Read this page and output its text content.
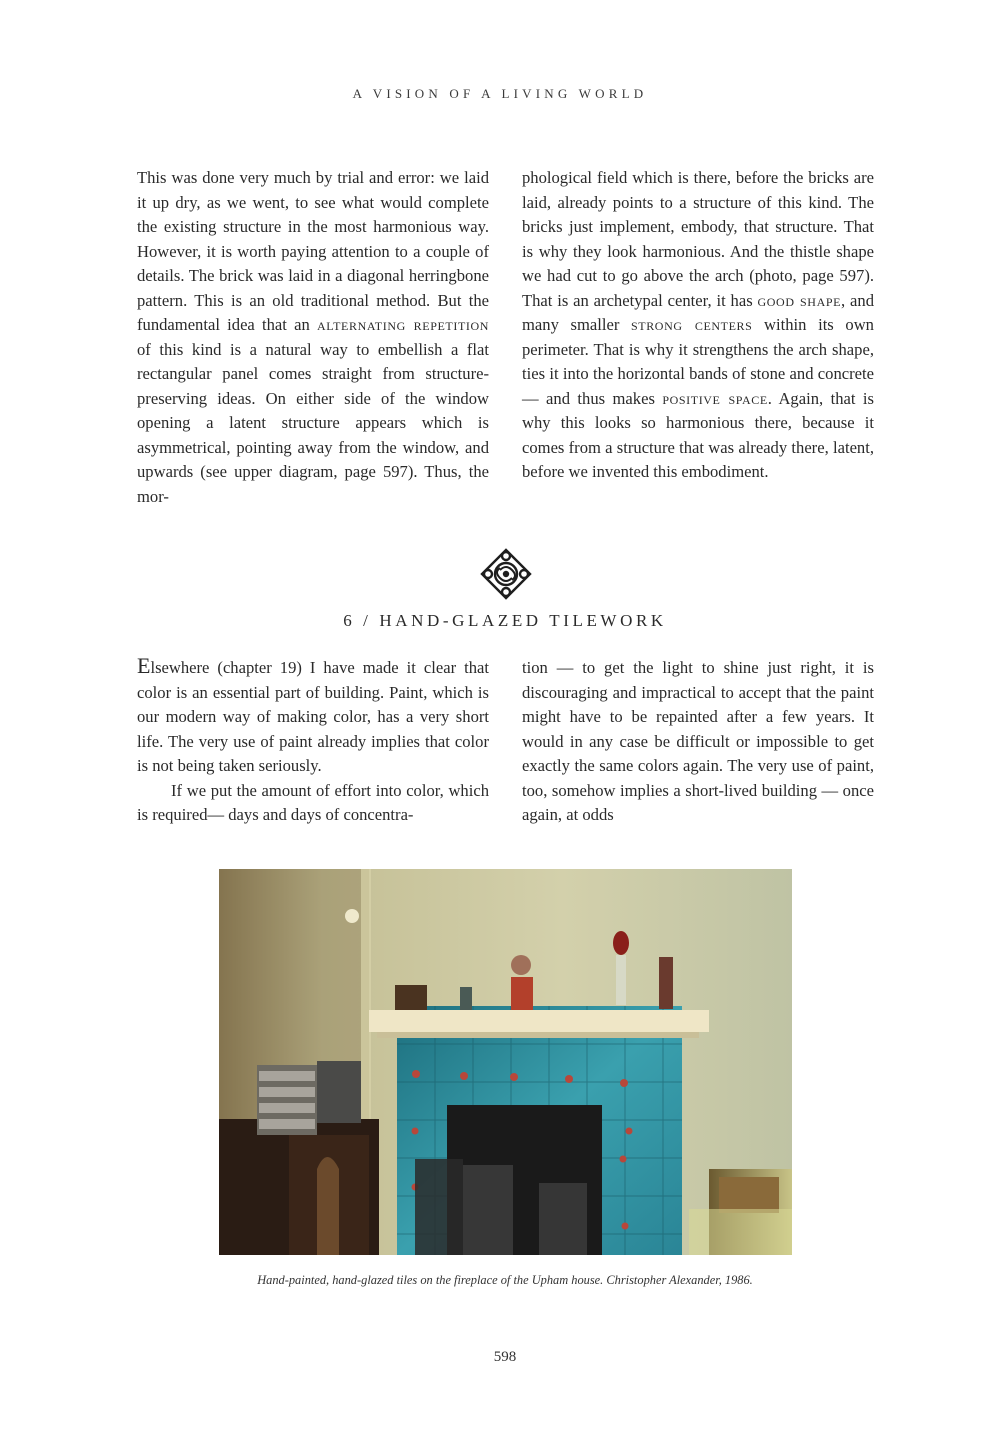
A VISION OF A LIVING WORLD

This was done very much by trial and error: we laid it up dry, as we went, to see what would complete the existing structure in the most harmonious way. However, it is worth paying attention to a couple of details. The brick was laid in a diagonal herringbone pattern. This is an old traditional method. But the fundamental idea that an alternating repetition of this kind is a natural way to embellish a flat rectangular panel comes straight from structure-preserving ideas. On either side of the window opening a latent structure appears which is asymmetrical, pointing away from the window, and upwards (see upper diagram, page 597). Thus, the mor-

phological field which is there, before the bricks are laid, already points to a structure of this kind. The bricks just implement, embody, that structure. That is why they look harmonious. And the thistle shape we had cut to go above the arch (photo, page 597). That is an archetypal center, it has good shape, and many smaller strong centers within its own perimeter. That is why it strengthens the arch shape, ties it into the horizontal bands of stone and concrete — and thus makes positive space. Again, that is why this looks so harmonious there, because it comes from a structure that was already there, latent, before we invented this embodiment.

6 / HAND-GLAZED TILEWORK

Elsewhere (chapter 19) I have made it clear that color is an essential part of building. Paint, which is our modern way of making color, has a very short life. The very use of paint already implies that color is not being taken seriously.

If we put the amount of effort into color, which is required— days and days of concentra-

tion — to get the light to shine just right, it is discouraging and impractical to accept that the paint might have to be repainted after a few years. It would in any case be difficult or impossible to get exactly the same colors again. The very use of paint, too, somehow implies a short-lived building — once again, at odds

Hand-painted, hand-glazed tiles on the fireplace of the Upham house. Christopher Alexander, 1986.
598
